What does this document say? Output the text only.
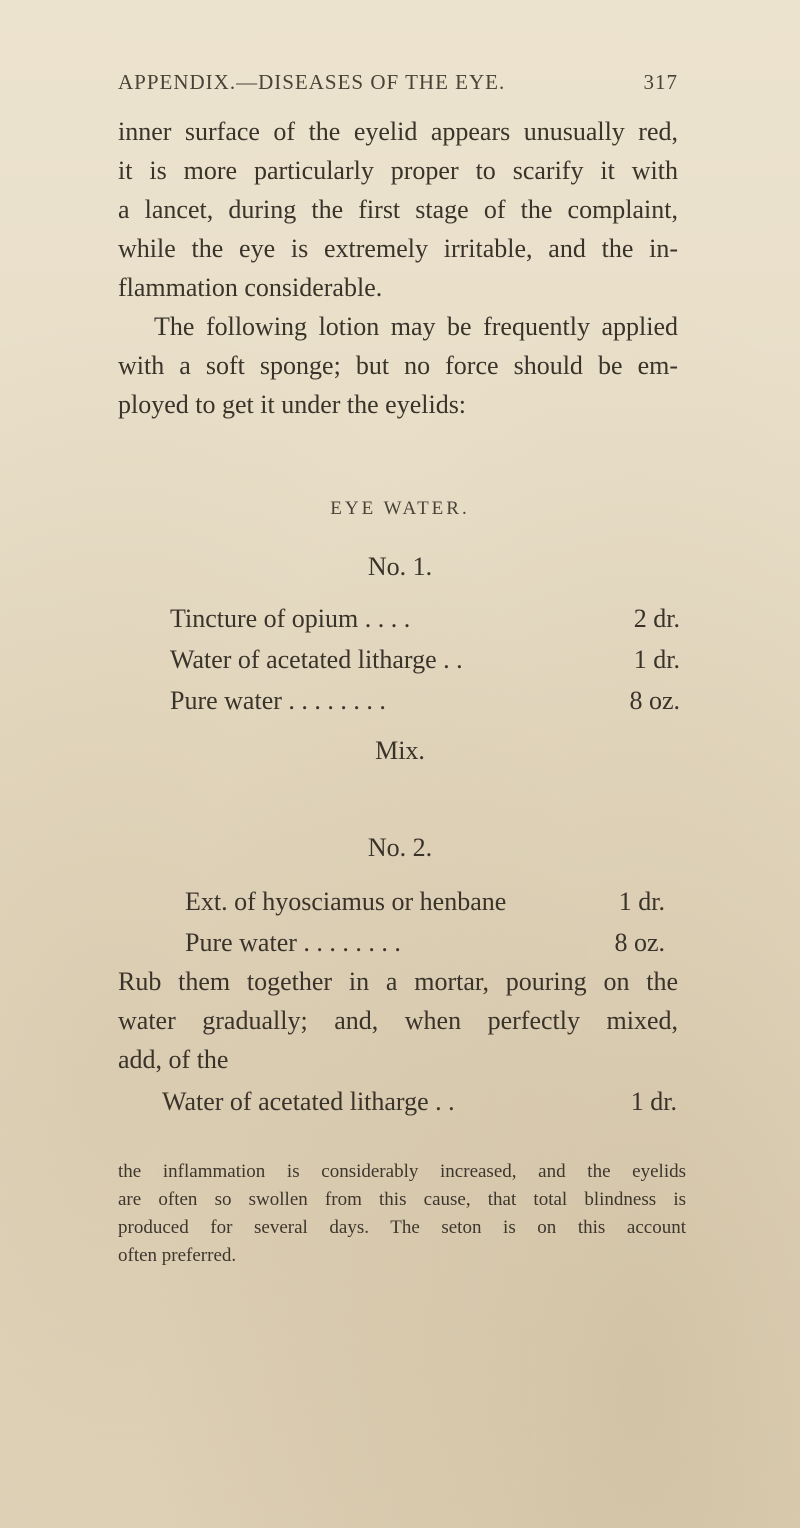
APPENDIX.—DISEASES OF THE EYE.	317
inner surface of the eyelid appears unusually red,
it is more particularly proper to scarify it with
a lancet, during the first stage of the complaint,
while the eye is extremely irritable, and the in-
flammation considerable.
The following lotion may be frequently applied
with a soft sponge; but no force should be em-
ployed to get it under the eyelids:
EYE WATER.
No. 1.
Tincture of opium . . . .	2 dr.
Water of acetated litharge . .	1 dr.
Pure water . . . . . . . .	8 oz.
Mix.
No. 2.
Ext. of hyosciamus or henbane	1 dr.
Pure water . . . . . . . .	8 oz.
Rub them together in a mortar, pouring on the
water gradually; and, when perfectly mixed,
add, of the
Water of acetated litharge . .	1 dr.
the inflammation is considerably increased, and the eyelids
are often so swollen from this cause, that total blindness is
produced for several days. The seton is on this account
often preferred.
